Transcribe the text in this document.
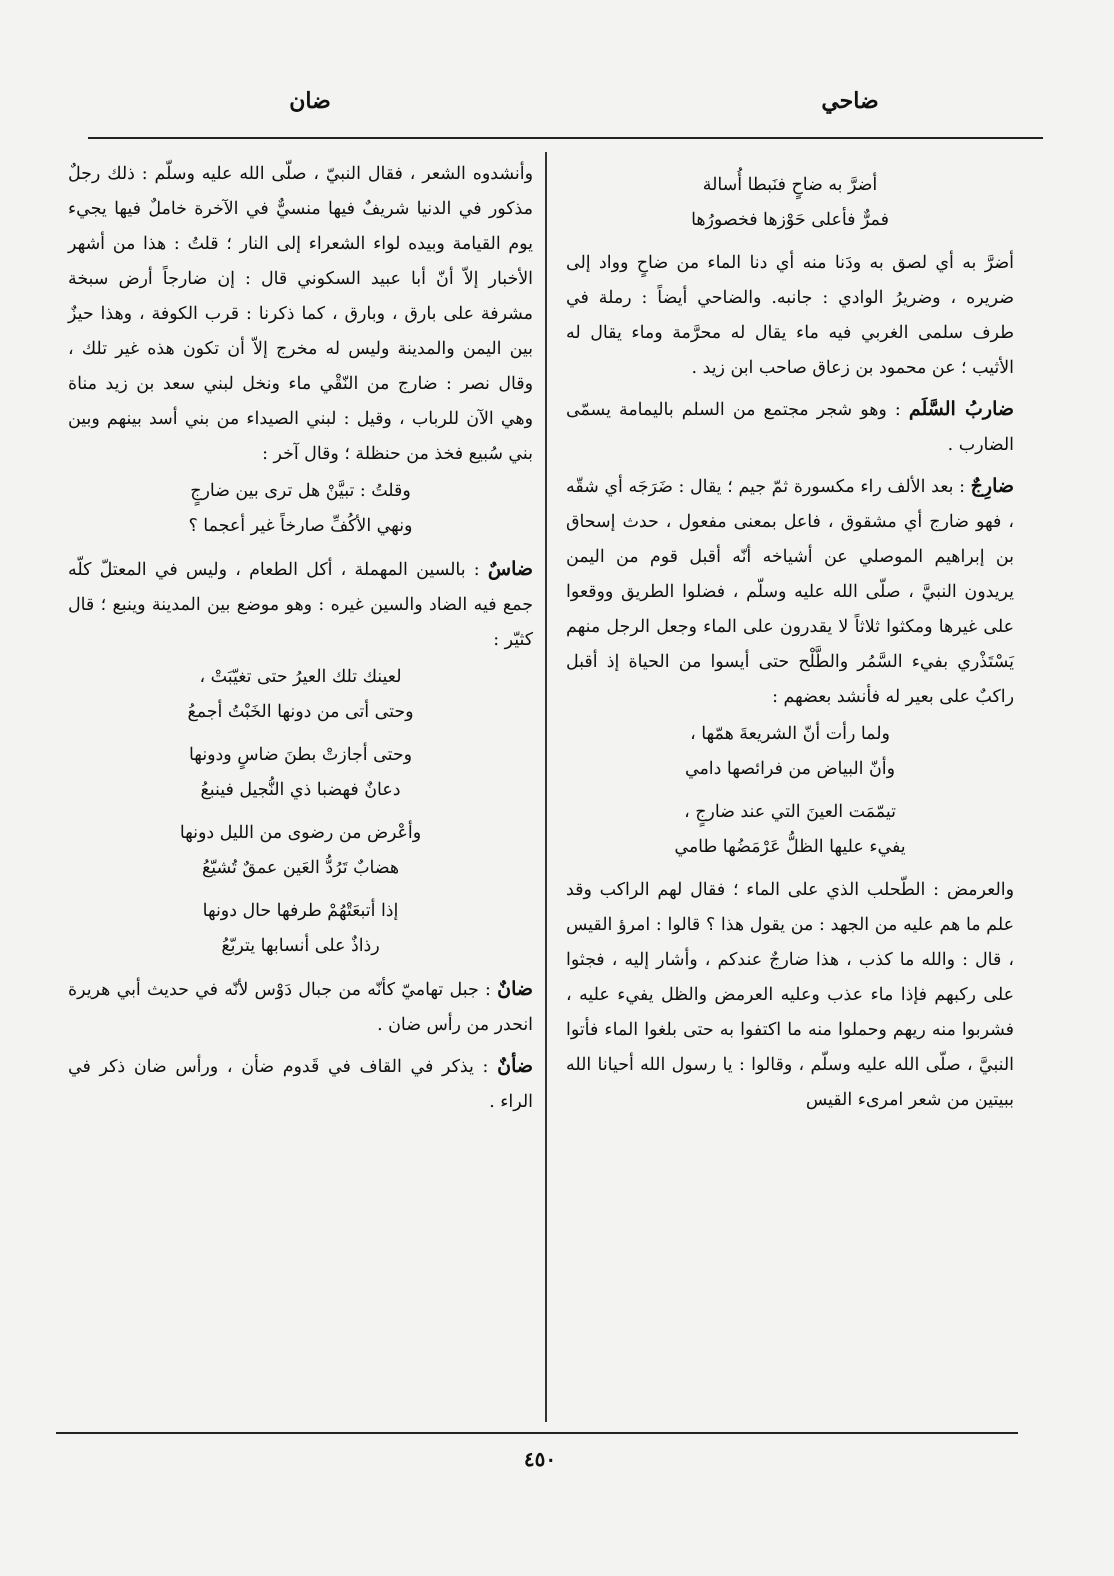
ضاحي
ضان

أضرَّ به ضاحٍ فنَبطا أُسالة
فمرٌّ فأعلى حَوْزها فخصورُها

أضرَّ به أي لصق به ودَنا منه أي دنا الماء من ضاحٍ وواد إلى ضريره ، وضريرُ الوادي : جانبه. والضاحي أيضاً : رملة في طرف سلمى الغربي فيه ماء يقال له محرَّمة وماء يقال له الأثيب ؛ عن محمود بن زعاق صاحب ابن زيد .

ضاربُ السَّلَم : وهو شجر مجتمع من السلم باليمامة يسمّى الضارب .

ضارِجٌ : بعد الألف راء مكسورة ثمّ جيم ؛ يقال : ضَرَجَه أي شقّه ، فهو ضارج أي مشقوق ، فاعل بمعنى مفعول ، حدث إسحاق بن إبراهيم الموصلي عن أشياخه أنّه أقبل قوم من اليمن يريدون النبيَّ ، صلّى الله عليه وسلّم ، فضلوا الطريق ووقعوا على غيرها ومكثوا ثلاثاً لا يقدرون على الماء وجعل الرجل منهم يَسْتَذْري بفيء السَّمُر والطَّلْح حتى أيسوا من الحياة إذ أقبل راكبٌ على بعير له فأنشد بعضهم :

ولما رأت أنّ الشريعةَ همّها ،
وأنّ البياض من فرائصها دامي

تيمّمَت العينَ التي عند ضارجٍ ،
يفيء عليها الظلُّ عَرْمَضُها طامي

والعرمض : الطّحلب الذي على الماء ؛ فقال لهم الراكب وقد علم ما هم عليه من الجهد : من يقول هذا ؟ قالوا : امرؤ القيس ، قال : والله ما كذب ، هذا ضارجٌ عندكم ، وأشار إليه ، فجثوا على ركبهم فإذا ماء عذب وعليه العرمض والظل يفيء عليه ، فشربوا منه ريهم وحملوا منه ما اكتفوا به حتى بلغوا الماء فأتوا النبيَّ ، صلّى الله عليه وسلّم ، وقالوا : يا رسول الله أحيانا الله ببيتين من شعر امرىء القيس

وأنشدوه الشعر ، فقال النبيّ ، صلّى الله عليه وسلّم : ذلك رجلٌ مذكور في الدنيا شريفٌ فيها منسيٌّ في الآخرة خاملٌ فيها يجيء يوم القيامة وبيده لواء الشعراء إلى النار ؛ قلتُ : هذا من أشهر الأخبار إلاّ أنّ أبا عبيد السكوني قال : إن ضارجاً أرض سبخة مشرفة على بارق ، وبارق ، كما ذكرنا : قرب الكوفة ، وهذا حيزٌ بين اليمن والمدينة وليس له مخرج إلاّ أن تكون هذه غير تلك ، وقال نصر : ضارج من النّقْي ماء ونخل لبني سعد بن زيد مناة وهي الآن للرباب ، وقيل : لبني الصيداء من بني أسد بينهم وبين بني سُبيع فخذ من حنظلة ؛ وقال آخر :

وقلتُ : تبيَّنْ هل ترى بين ضارجٍ
ونهي الأكُفِّ صارخاً غير أعجما ؟

ضاسٌ : بالسين المهملة ، أكل الطعام ، وليس في المعتلّ كلّه جمع فيه الضاد والسين غيره : وهو موضع بين المدينة وينبع ؛ قال كثيّر :

لعينك تلك العيرُ حتى تغيّبَتْ ،
وحتى أتى من دونها الخَبْتُ أجمعُ

وحتى أجازتْ بطنَ ضاسٍ ودونها
دعانٌ فهضبا ذي النُّجيل فينبعُ

وأعْرض من رضوى من الليل دونها
هضابٌ تَرُدُّ العَين عمقٌ تُشيّعُ

إذا أتبعَتْهُمْ طرفها حال دونها
رذاذٌ على أنسابها يتربّعُ

ضانٌ : جبل تهاميّ كأنّه من جبال دَوْس لأنّه في حديث أبي هريرة انحدر من رأس ضان .

ضأنٌ : يذكر في القاف في قَدوم ضأن ، ورأس ضان ذكر في الراء .

٤٥٠
